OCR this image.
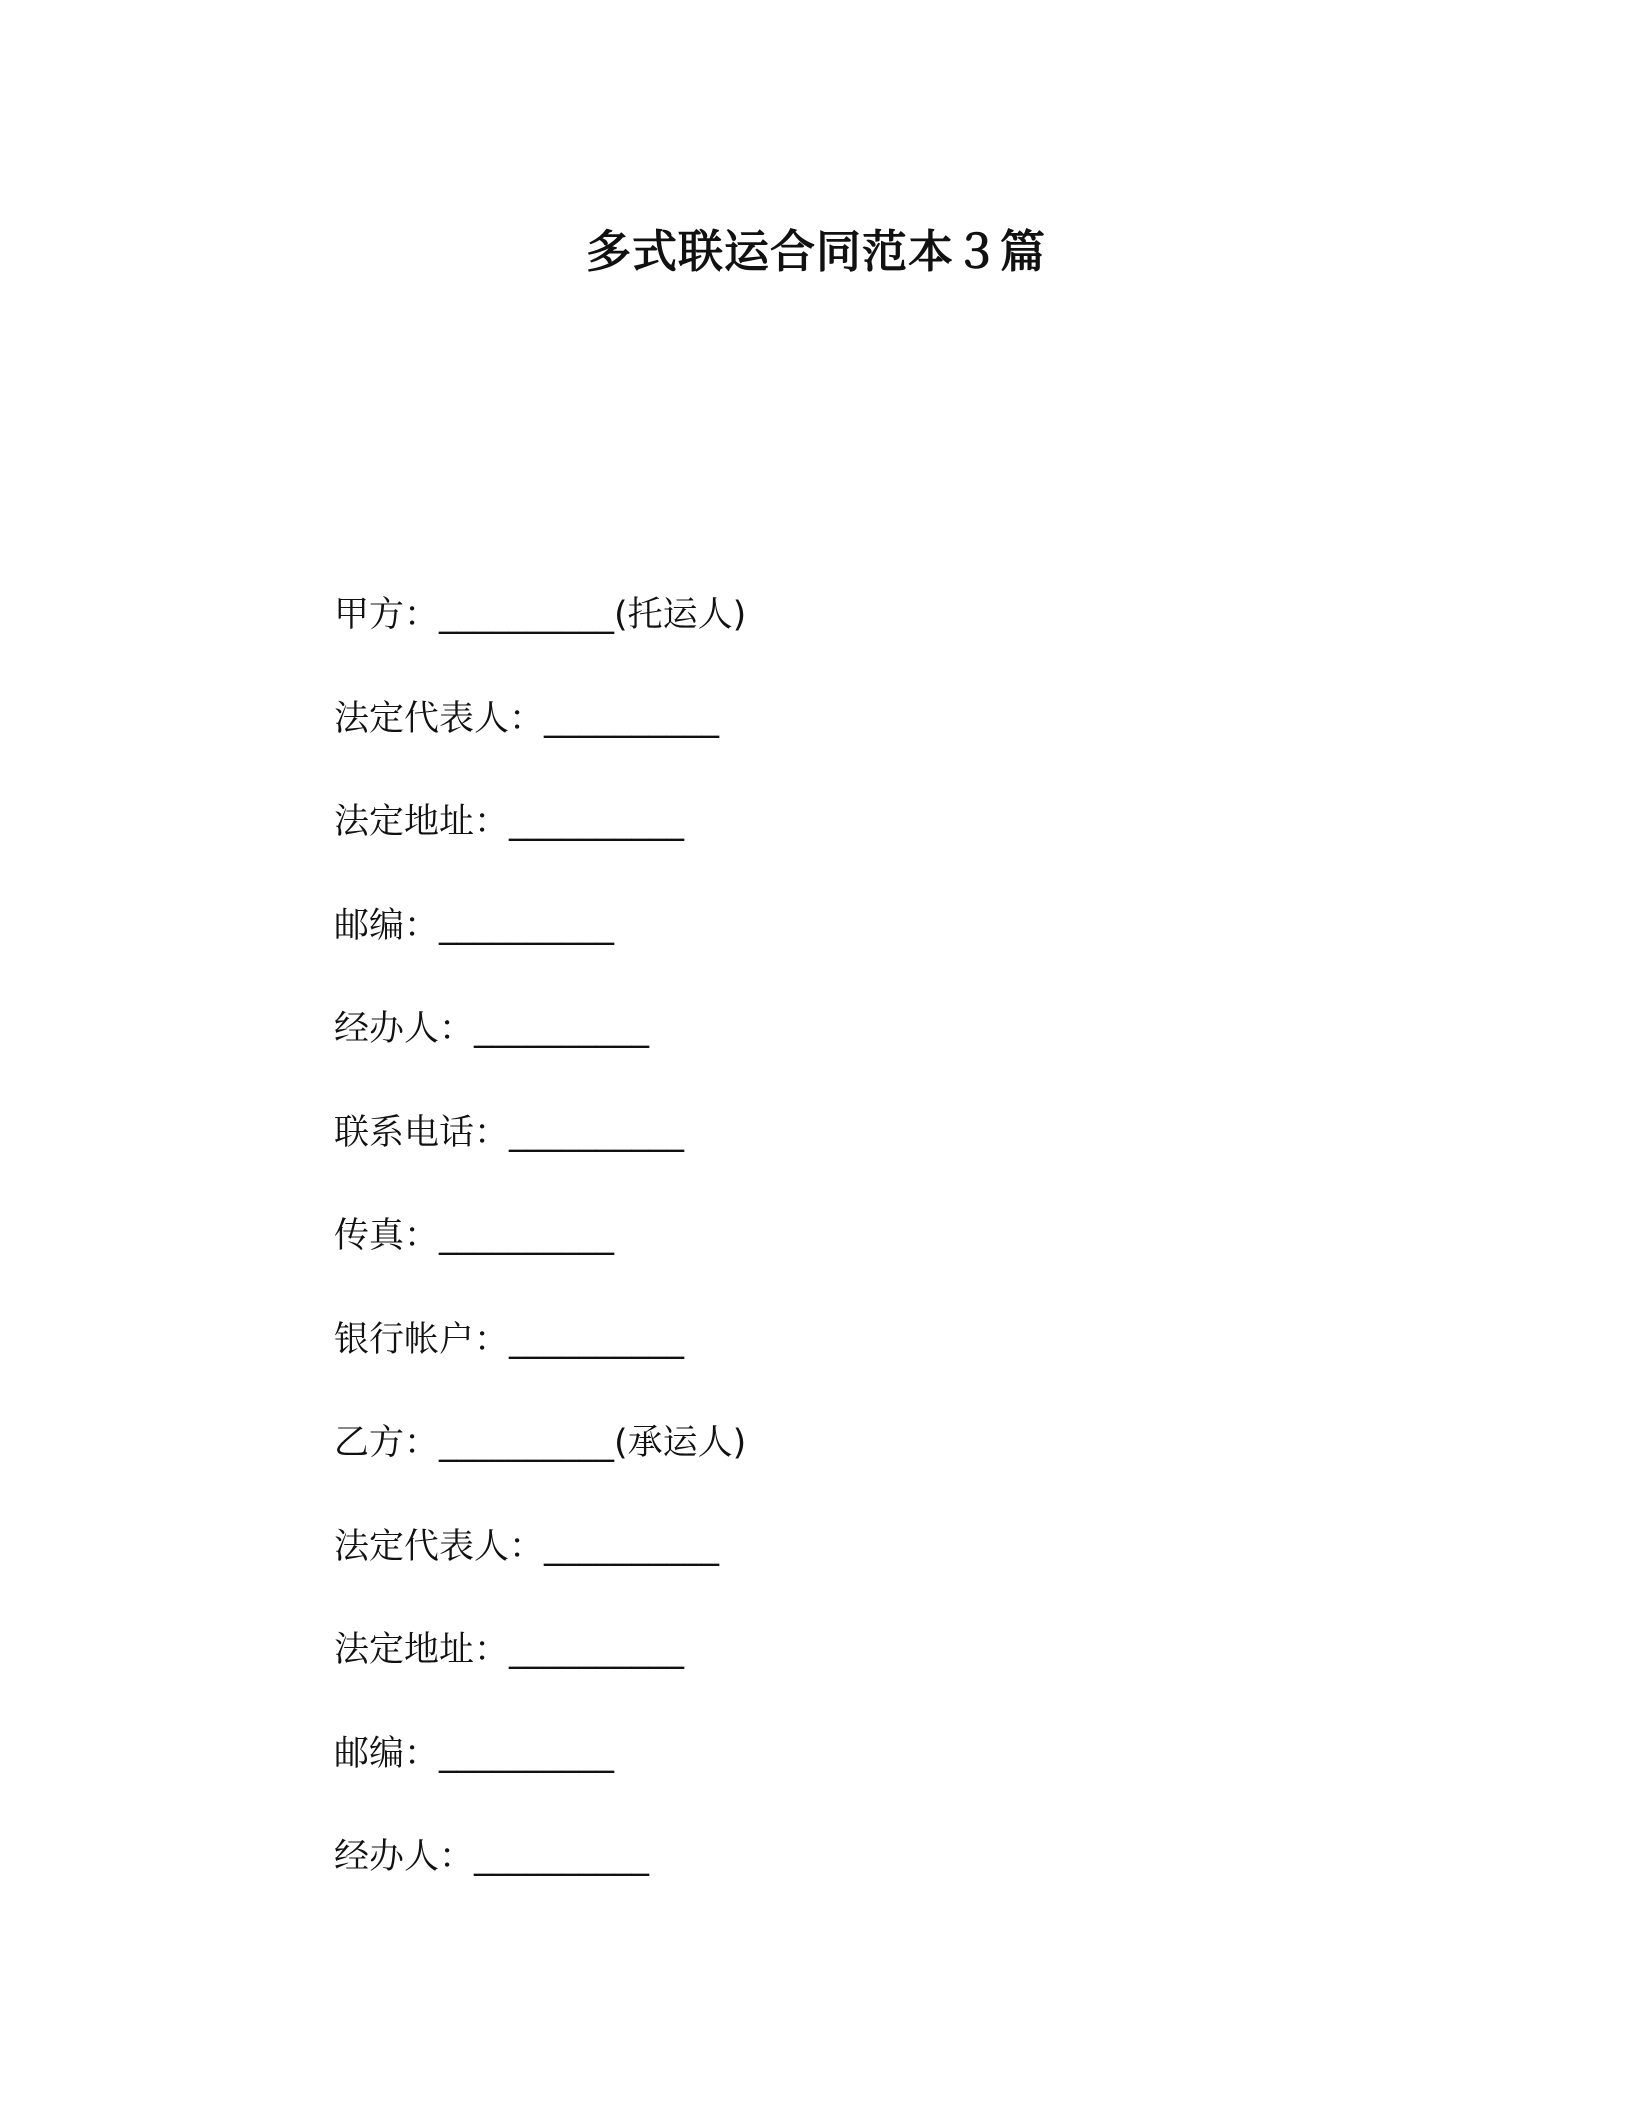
多式联运合同范本３篇
甲方：__________(托运人)
法定代表人：__________
法定地址：__________
邮编：__________
经办人：__________
联系电话：__________
传真：__________
银行帐户：__________
乙方：__________(承运人)
法定代表人：__________
法定地址：__________
邮编：__________
经办人：__________
